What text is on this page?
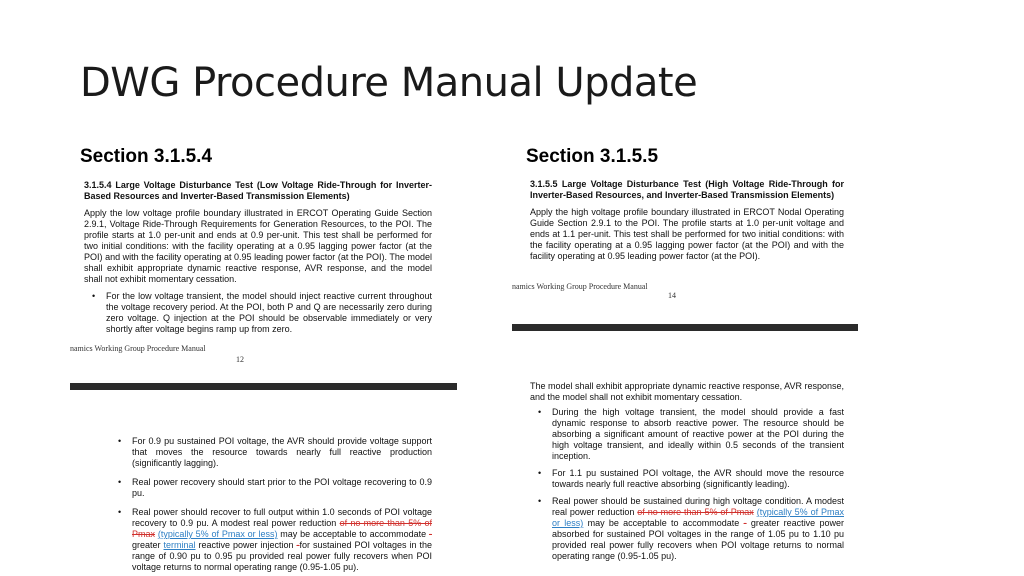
DWG Procedure Manual Update
Section 3.1.5.4
3.1.5.4 Large Voltage Disturbance Test (Low Voltage Ride-Through for Inverter-Based Resources and Inverter-Based Transmission Elements)

Apply the low voltage profile boundary illustrated in ERCOT Operating Guide Section 2.9.1, Voltage Ride-Through Requirements for Generation Resources, to the POI. The profile starts at 1.0 per-unit and ends at 0.9 per-unit. This test shall be performed for two initial conditions: with the facility operating at a 0.95 lagging power factor (at the POI) and with the facility operating at 0.95 leading power factor (at the POI). The model shall exhibit appropriate dynamic reactive response, AVR response, and the model shall not exhibit momentary cessation.

• For the low voltage transient, the model should inject reactive current throughout the voltage recovery period. At the POI, both P and Q are necessarily zero during zero voltage. Q injection at the POI should be observable immediately or very shortly after voltage begins ramp up from zero.
namics Working Group Procedure Manual
12
• For 0.9 pu sustained POI voltage, the AVR should provide voltage support that moves the resource towards nearly full reactive production (significantly lagging).
• Real power recovery should start prior to the POI voltage recovering to 0.9 pu.
• Real power should recover to full output within 1.0 seconds of POI voltage recovery to 0.9 pu. A modest real power reduction of no more than 5% of Pmax (typically 5% of Pmax or less) may be acceptable to accommodate -greater terminal reactive power injection -for sustained POI voltages in the range of 0.90 pu to 0.95 pu provided real power fully recovers when POI voltage returns to normal operating range (0.95-1.05 pu).
Section 3.1.5.5
3.1.5.5 Large Voltage Disturbance Test (High Voltage Ride-Through for Inverter-Based Resources, and Inverter-Based Transmission Elements)

Apply the high voltage profile boundary illustrated in ERCOT Nodal Operating Guide Section 2.9.1 to the POI. The profile starts at 1.0 per-unit voltage and ends at 1.1 per-unit. This test shall be performed for two initial conditions: with the facility operating at a 0.95 lagging power factor (at the POI) and with the facility operating at 0.95 leading power factor (at the POI).

namics Working Group Procedure Manual
14

The model shall exhibit appropriate dynamic reactive response, AVR response, and the model shall not exhibit momentary cessation.

• During the high voltage transient, the model should provide a fast dynamic response to absorb reactive power. The resource should be absorbing a significant amount of reactive power at the POI during the high voltage transient, and ideally within 0.5 seconds of the transient inception.
• For 1.1 pu sustained POI voltage, the AVR should move the resource towards nearly full reactive absorbing (significantly leading).
• Real power should be sustained during high voltage condition. A modest real power reduction of no more than 5% of Pmax (typically 5% of Pmax or less) may be acceptable to accommodate - greater reactive power absorbed for sustained POI voltages in the range of 1.05 pu to 1.10 pu provided real power fully recovers when POI voltage returns to normal operating range (0.95-1.05 pu).
